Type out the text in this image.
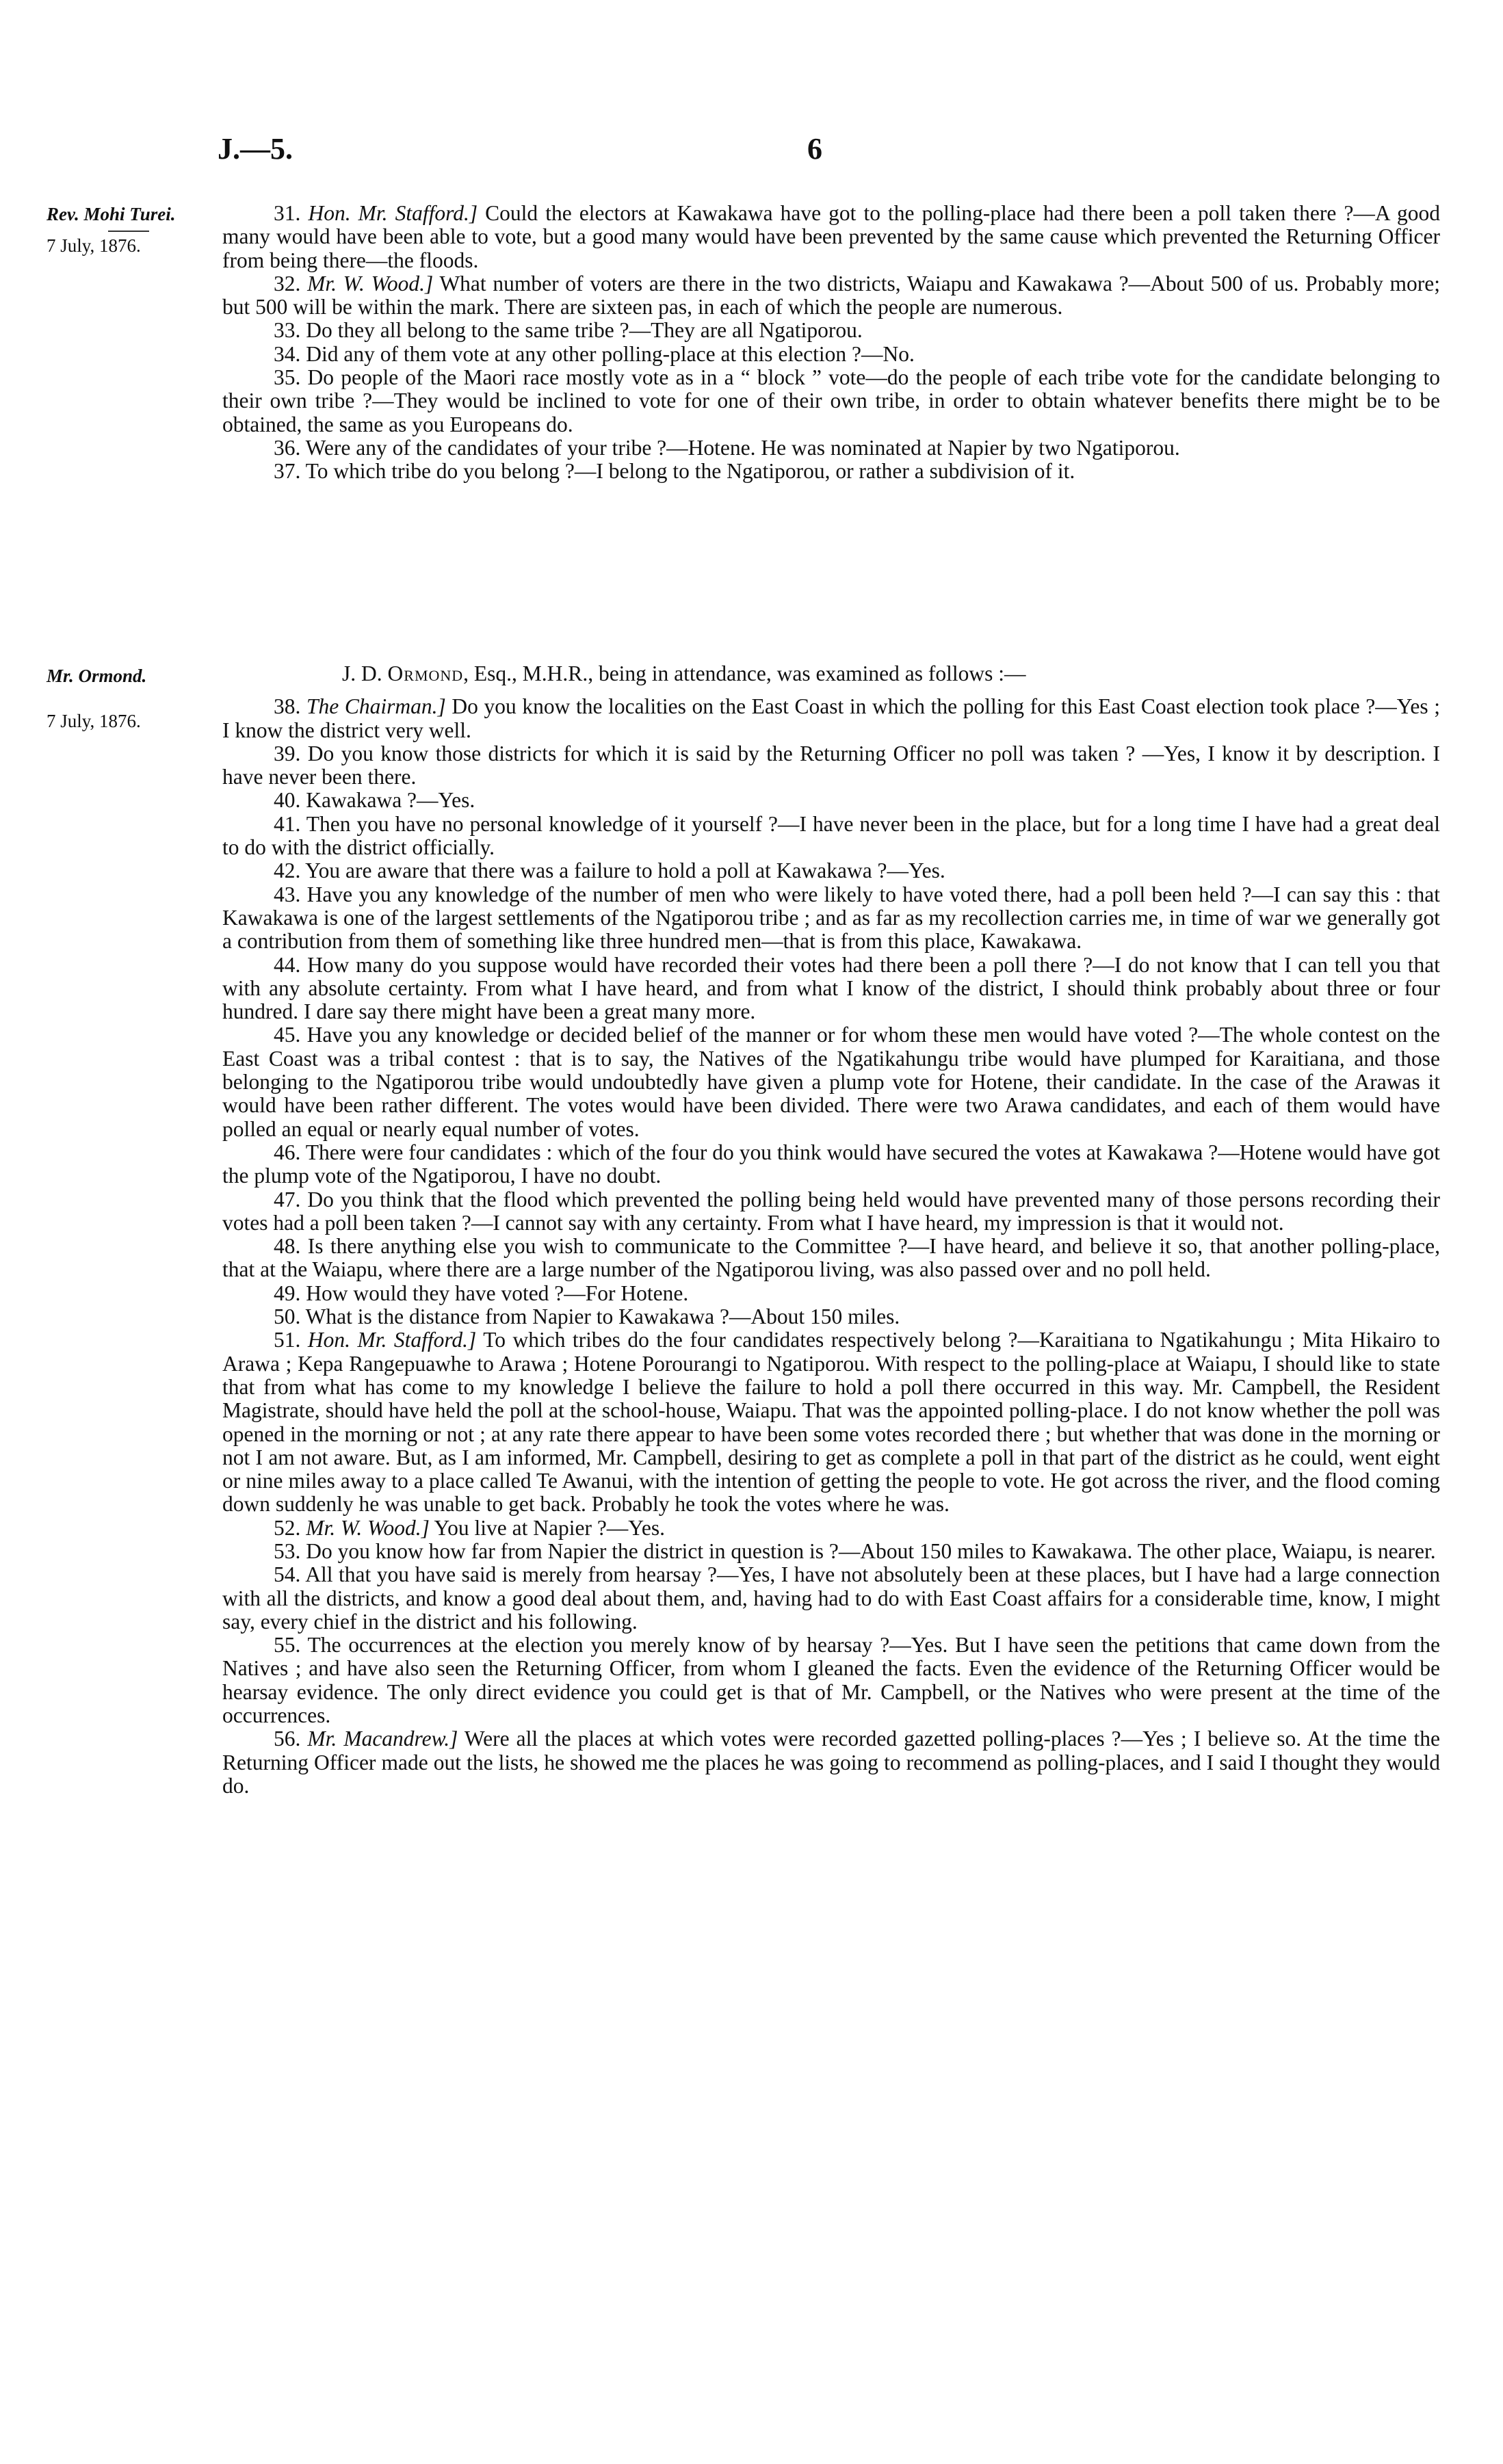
J.—5.	6
Rev. Mohi Turei.
7 July, 1876.

31. Hon. Mr. Stafford.] Could the electors at Kawakawa have got to the polling-place had there been a poll taken there ?—A good many would have been able to vote, but a good many would have been prevented by the same cause which prevented the Returning Officer from being there—the floods.

32. Mr. W. Wood.] What number of voters are there in the two districts, Waiapu and Kawakawa ?—About 500 of us. Probably more; but 500 will be within the mark. There are sixteen pas, in each of which the people are numerous.

33. Do they all belong to the same tribe ?—They are all Ngatiporou.

34. Did any of them vote at any other polling-place at this election ?—No.

35. Do people of the Maori race mostly vote as in a “ block ” vote—do the people of each tribe vote for the candidate belonging to their own tribe ?—They would be inclined to vote for one of their own tribe, in order to obtain whatever benefits there might be to be obtained, the same as you Europeans do.

36. Were any of the candidates of your tribe ?—Hotene. He was nominated at Napier by two Ngatiporou.

37. To which tribe do you belong ?—I belong to the Ngatiporou, or rather a subdivision of it.

Mr. Ormond.
7 July, 1876.

J. D. Ormond, Esq., M.H.R., being in attendance, was examined as follows :—

38. The Chairman.] Do you know the localities on the East Coast in which the polling for this East Coast election took place ?—Yes ; I know the district very well.

39. Do you know those districts for which it is said by the Returning Officer no poll was taken ? —Yes, I know it by description. I have never been there.

40. Kawakawa ?—Yes.

41. Then you have no personal knowledge of it yourself ?—I have never been in the place, but for a long time I have had a great deal to do with the district officially.

42. You are aware that there was a failure to hold a poll at Kawakawa ?—Yes.

43. Have you any knowledge of the number of men who were likely to have voted there, had a poll been held ?—I can say this : that Kawakawa is one of the largest settlements of the Ngatiporou tribe ; and as far as my recollection carries me, in time of war we generally got a contribution from them of something like three hundred men—that is from this place, Kawakawa.

44. How many do you suppose would have recorded their votes had there been a poll there ?—I do not know that I can tell you that with any absolute certainty. From what I have heard, and from what I know of the district, I should think probably about three or four hundred. I dare say there might have been a great many more.

45. Have you any knowledge or decided belief of the manner or for whom these men would have voted ?—The whole contest on the East Coast was a tribal contest : that is to say, the Natives of the Ngatikahungu tribe would have plumped for Karaitiana, and those belonging to the Ngatiporou tribe would undoubtedly have given a plump vote for Hotene, their candidate. In the case of the Arawas it would have been rather different. The votes would have been divided. There were two Arawa candidates, and each of them would have polled an equal or nearly equal number of votes.

46. There were four candidates : which of the four do you think would have secured the votes at Kawakawa ?—Hotene would have got the plump vote of the Ngatiporou, I have no doubt.

47. Do you think that the flood which prevented the polling being held would have prevented many of those persons recording their votes had a poll been taken ?—I cannot say with any certainty. From what I have heard, my impression is that it would not.

48. Is there anything else you wish to communicate to the Committee ?—I have heard, and believe it so, that another polling-place, that at the Waiapu, where there are a large number of the Ngatiporou living, was also passed over and no poll held.

49. How would they have voted ?—For Hotene.

50. What is the distance from Napier to Kawakawa ?—About 150 miles.

51. Hon. Mr. Stafford.] To which tribes do the four candidates respectively belong ?—Karaitiana to Ngatikahungu ; Mita Hikairo to Arawa ; Kepa Rangepuawhe to Arawa ; Hotene Porourangi to Ngatiporou. With respect to the polling-place at Waiapu, I should like to state that from what has come to my knowledge I believe the failure to hold a poll there occurred in this way. Mr. Campbell, the Resident Magistrate, should have held the poll at the school-house, Waiapu. That was the appointed polling-place. I do not know whether the poll was opened in the morning or not ; at any rate there appear to have been some votes recorded there ; but whether that was done in the morning or not I am not aware. But, as I am informed, Mr. Campbell, desiring to get as complete a poll in that part of the district as he could, went eight or nine miles away to a place called Te Awanui, with the intention of getting the people to vote. He got across the river, and the flood coming down suddenly he was unable to get back. Probably he took the votes where he was.

52. Mr. W. Wood.] You live at Napier ?—Yes.

53. Do you know how far from Napier the district in question is ?—About 150 miles to Kawakawa. The other place, Waiapu, is nearer.

54. All that you have said is merely from hearsay ?—Yes, I have not absolutely been at these places, but I have had a large connection with all the districts, and know a good deal about them, and, having had to do with East Coast affairs for a considerable time, know, I might say, every chief in the district and his following.

55. The occurrences at the election you merely know of by hearsay ?—Yes. But I have seen the petitions that came down from the Natives ; and have also seen the Returning Officer, from whom I gleaned the facts. Even the evidence of the Returning Officer would be hearsay evidence. The only direct evidence you could get is that of Mr. Campbell, or the Natives who were present at the time of the occurrences.

56. Mr. Macandrew.] Were all the places at which votes were recorded gazetted polling-places ?—Yes ; I believe so. At the time the Returning Officer made out the lists, he showed me the places he was going to recommend as polling-places, and I said I thought they would do.
